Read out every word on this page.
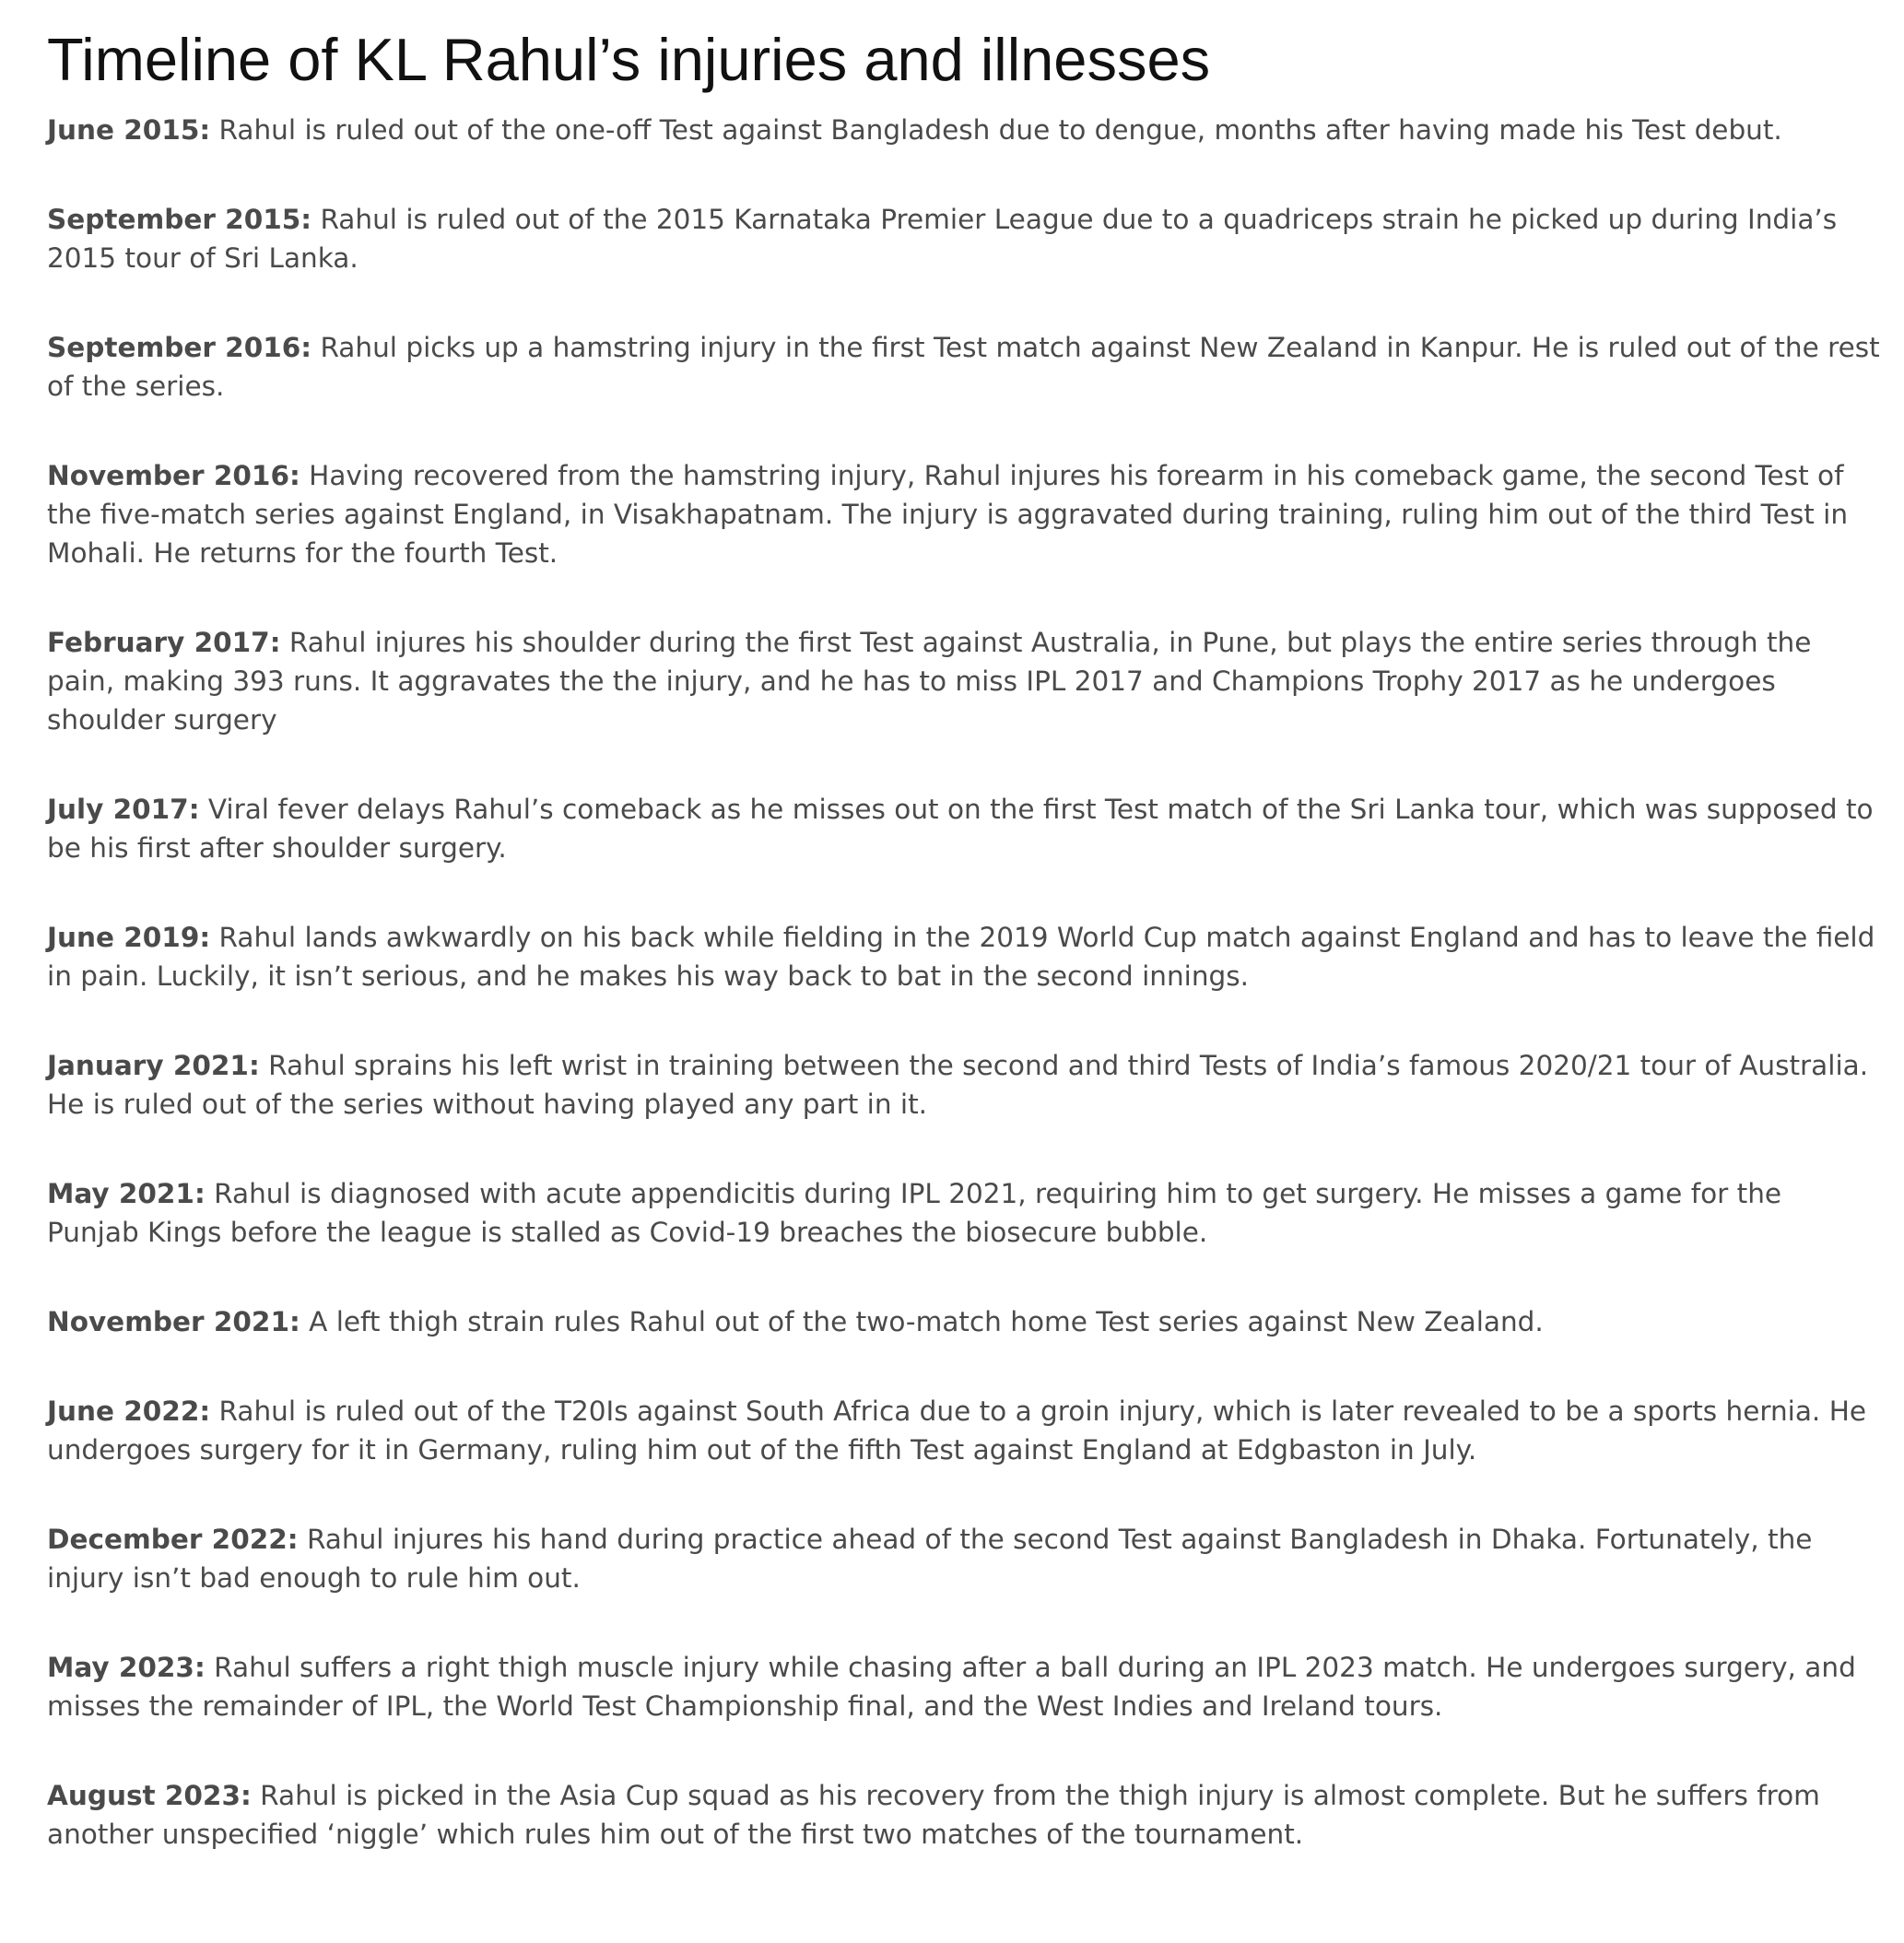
Timeline of KL Rahul’s injuries and illnesses

June 2015: Rahul is ruled out of the one-off Test against Bangladesh due to dengue, months after having made his Test debut.

September 2015: Rahul is ruled out of the 2015 Karnataka Premier League due to a quadriceps strain he picked up during India’s 2015 tour of Sri Lanka.

September 2016: Rahul picks up a hamstring injury in the first Test match against New Zealand in Kanpur. He is ruled out of the rest of the series.

November 2016: Having recovered from the hamstring injury, Rahul injures his forearm in his comeback game, the second Test of the five-match series against England, in Visakhapatnam. The injury is aggravated during training, ruling him out of the third Test in Mohali. He returns for the fourth Test.

February 2017: Rahul injures his shoulder during the first Test against Australia, in Pune, but plays the entire series through the pain, making 393 runs. It aggravates the the injury, and he has to miss IPL 2017 and Champions Trophy 2017 as he undergoes shoulder surgery

July 2017: Viral fever delays Rahul’s comeback as he misses out on the first Test match of the Sri Lanka tour, which was supposed to be his first after shoulder surgery.

June 2019: Rahul lands awkwardly on his back while fielding in the 2019 World Cup match against England and has to leave the field in pain. Luckily, it isn’t serious, and he makes his way back to bat in the second innings.

January 2021: Rahul sprains his left wrist in training between the second and third Tests of India’s famous 2020/21 tour of Australia. He is ruled out of the series without having played any part in it.

May 2021: Rahul is diagnosed with acute appendicitis during IPL 2021, requiring him to get surgery. He misses a game for the Punjab Kings before the league is stalled as Covid-19 breaches the biosecure bubble.

November 2021: A left thigh strain rules Rahul out of the two-match home Test series against New Zealand.

June 2022: Rahul is ruled out of the T20Is against South Africa due to a groin injury, which is later revealed to be a sports hernia. He undergoes surgery for it in Germany, ruling him out of the fifth Test against England at Edgbaston in July.

December 2022: Rahul injures his hand during practice ahead of the second Test against Bangladesh in Dhaka. Fortunately, the injury isn’t bad enough to rule him out.

May 2023: Rahul suffers a right thigh muscle injury while chasing after a ball during an IPL 2023 match. He undergoes surgery, and misses the remainder of IPL, the World Test Championship final, and the West Indies and Ireland tours.

August 2023: Rahul is picked in the Asia Cup squad as his recovery from the thigh injury is almost complete. But he suffers from another unspecified ‘niggle’ which rules him out of the first two matches of the tournament.
